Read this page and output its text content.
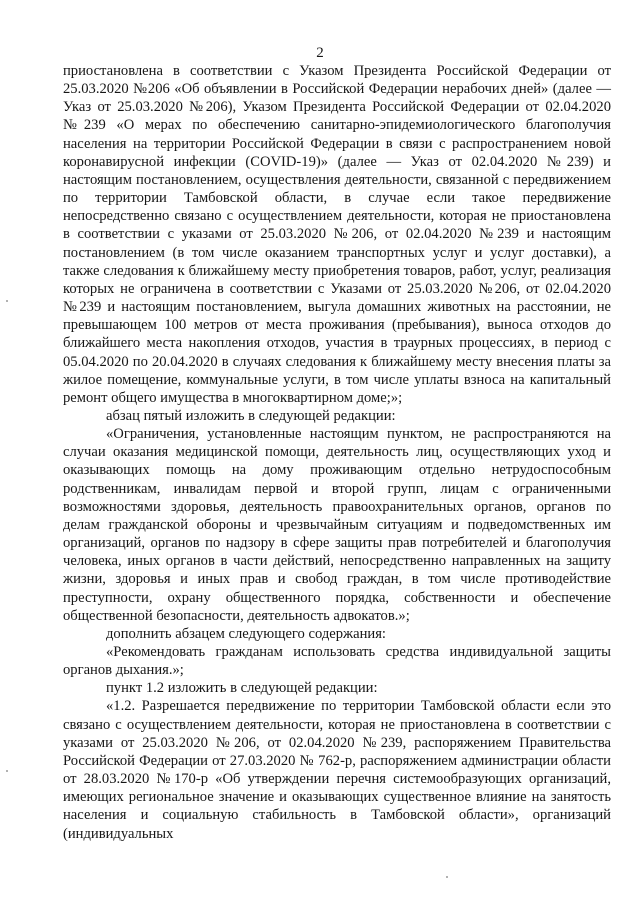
2

приостановлена в соответствии с Указом Президента Российской Федерации от 25.03.2020 №206 «Об объявлении в Российской Федерации нерабочих дней» (далее — Указ от 25.03.2020 №206), Указом Президента Российской Федерации от 02.04.2020 №239 «О мерах по обеспечению санитарно-эпидемиологического благополучия населения на территории Российской Федерации в связи с распространением новой коронавирусной инфекции (COVID-19)» (далее — Указ от 02.04.2020 №239) и настоящим постановлением, осуществления деятельности, связанной с передвижением по территории Тамбовской области, в случае если такое передвижение непосредственно связано с осуществлением деятельности, которая не приостановлена в соответствии с указами от 25.03.2020 №206, от 02.04.2020 №239 и настоящим постановлением (в том числе оказанием транспортных услуг и услуг доставки), а также следования к ближайшему месту приобретения товаров, работ, услуг, реализация которых не ограничена в соответствии с Указами от 25.03.2020 №206, от 02.04.2020 №239 и настоящим постановлением, выгула домашних животных на расстоянии, не превышающем 100 метров от места проживания (пребывания), выноса отходов до ближайшего места накопления отходов, участия в траурных процессиях, в период с 05.04.2020 по 20.04.2020 в случаях следования к ближайшему месту внесения платы за жилое помещение, коммунальные услуги, в том числе уплаты взноса на капитальный ремонт общего имущества в многоквартирном доме;»;

абзац пятый изложить в следующей редакции:

«Ограничения, установленные настоящим пунктом, не распространяются на случаи оказания медицинской помощи, деятельность лиц, осуществляющих уход и оказывающих помощь на дому проживающим отдельно нетрудоспособным родственникам, инвалидам первой и второй групп, лицам с ограниченными возможностями здоровья, деятельность правоохранительных органов, органов по делам гражданской обороны и чрезвычайным ситуациям и подведомственных им организаций, органов по надзору в сфере защиты прав потребителей и благополучия человека, иных органов в части действий, непосредственно направленных на защиту жизни, здоровья и иных прав и свобод граждан, в том числе противодействие преступности, охрану общественного порядка, собственности и обеспечение общественной безопасности, деятельность адвокатов.»;

дополнить абзацем следующего содержания:

«Рекомендовать гражданам использовать средства индивидуальной защиты органов дыхания.»;

пункт 1.2 изложить в следующей редакции:

«1.2. Разрешается передвижение по территории Тамбовской области если это связано с осуществлением деятельности, которая не приостановлена в соответствии с указами от 25.03.2020 №206, от 02.04.2020 №239, распоряжением Правительства Российской Федерации от 27.03.2020 № 762-р, распоряжением администрации области от 28.03.2020 №170-р «Об утверждении перечня системообразующих организаций, имеющих региональное значение и оказывающих существенное влияние на занятость населения и социальную стабильность в Тамбовской области», организаций (индивидуальных
